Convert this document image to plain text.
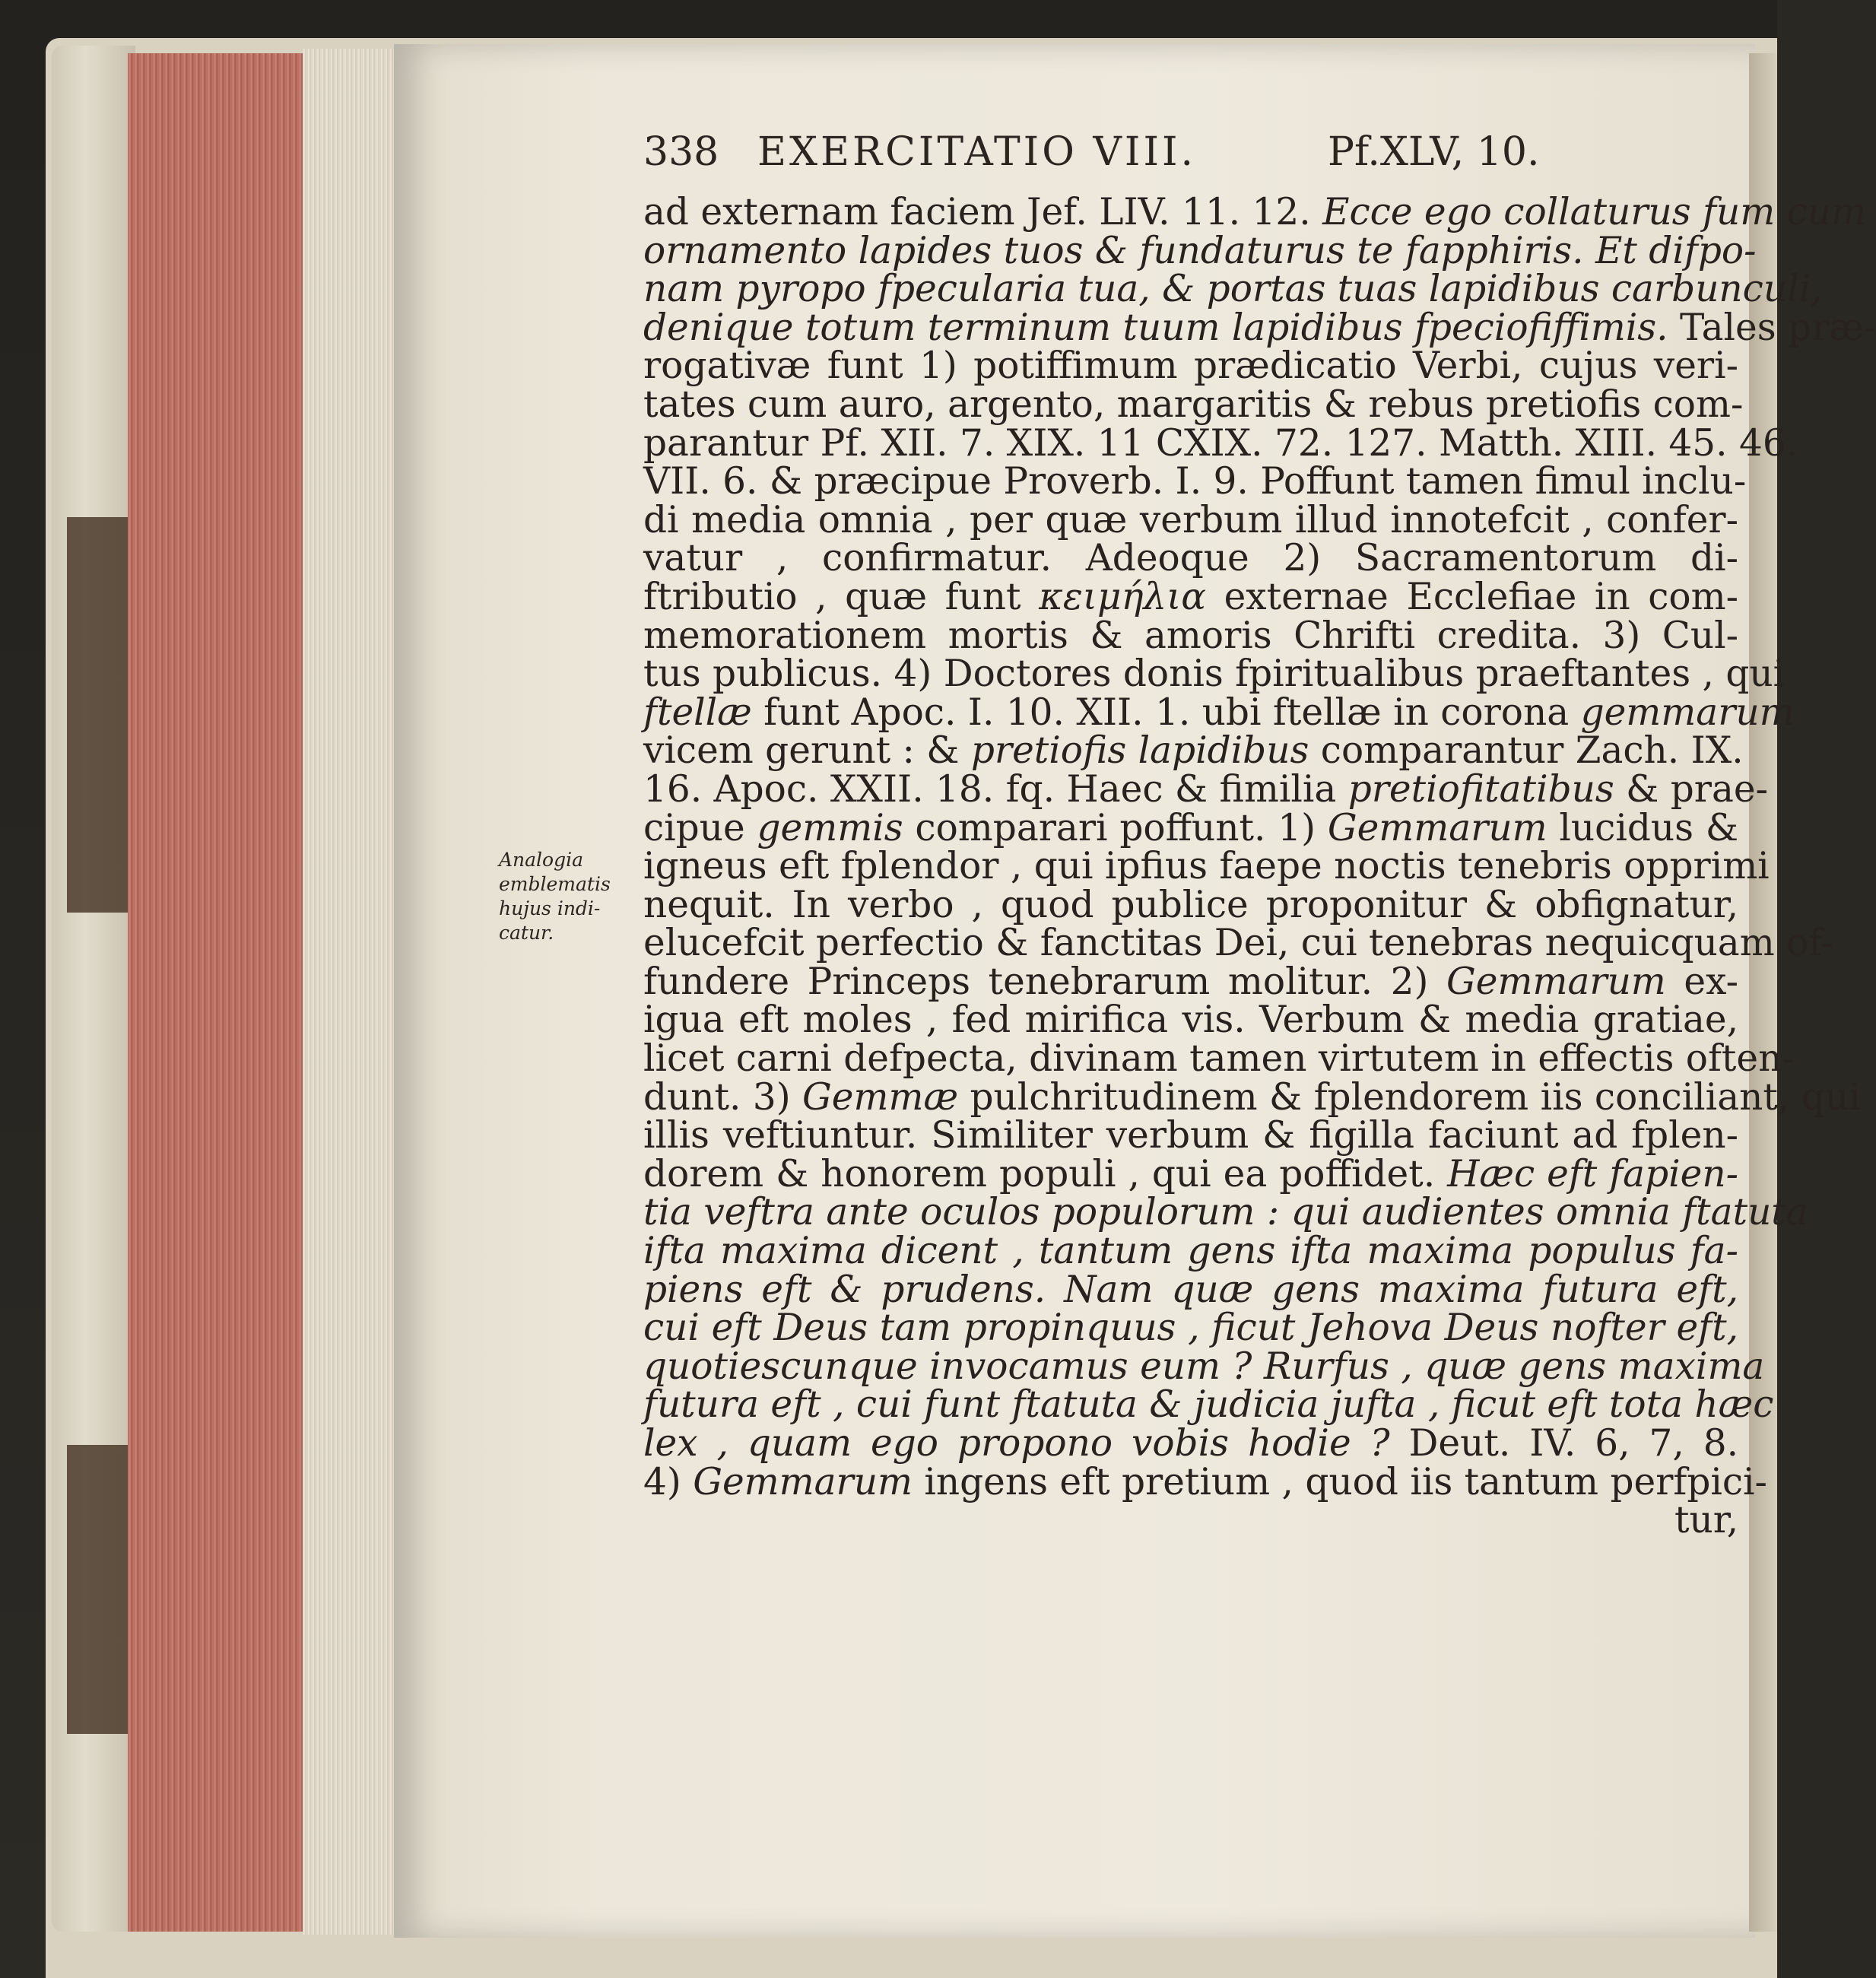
338 EXERCITATIO VIII.	Pf.XLV, 10.
Analogia
emblematis
hujus indi-
catur.
ad externam faciem Jef. LIV. 11. 12. Ecce ego collaturus fum cum
ornamento lapides tuos & fundaturus te fapphiris. Et difpo-
nam pyropo fpecularia tua, & portas tuas lapidibus carbunculi,
denique totum terminum tuum lapidibus fpeciofiffimis. Tales præ-
rogativæ funt 1) potiffimum prædicatio Verbi, cujus veri-
tates cum auro, argento, margaritis & rebus pretiofis com-
parantur Pf. XII. 7. XIX. 11 CXIX. 72. 127. Matth. XIII. 45. 46.
VII. 6. & præcipue Proverb. I. 9. Poffunt tamen fimul inclu-
di media omnia , per quæ verbum illud innotefcit , confer-
vatur , confirmatur. Adeoque 2) Sacramentorum di-
ftributio , quæ funt κειμήλια externae Ecclefiae in com-
memorationem mortis & amoris Chrifti credita. 3) Cul-
tus publicus. 4) Doctores donis fpiritualibus praeftantes , qui
ftellæ funt Apoc. I. 10. XII. 1. ubi ftellæ in corona gemmarum
vicem gerunt : & pretiofis lapidibus comparantur Zach. IX.
16. Apoc. XXII. 18. fq. Haec & fimilia pretiofitatibus & prae-
cipue gemmis comparari poffunt. 1) Gemmarum lucidus &
igneus eft fplendor , qui ipfius faepe noctis tenebris opprimi
nequit. In verbo , quod publice proponitur & obfignatur,
elucefcit perfectio & fanctitas Dei, cui tenebras nequicquam of-
fundere Princeps tenebrarum molitur. 2) Gemmarum ex-
igua eft moles , fed mirifica vis. Verbum & media gratiae,
licet carni defpecta, divinam tamen virtutem in effectis often-
dunt. 3) Gemmæ pulchritudinem & fplendorem iis conciliant, qui
illis veftiuntur. Similiter verbum & figilla faciunt ad fplen-
dorem & honorem populi , qui ea poffidet. Hæc eft fapien-
tia veftra ante oculos populorum : qui audientes omnia ftatuta
ifta maxima dicent , tantum gens ifta maxima populus fa-
piens eft & prudens. Nam quæ gens maxima futura eft,
cui eft Deus tam propinquus , ficut Jehova Deus nofter eft,
quotiescunque invocamus eum ? Rurfus , quæ gens maxima
futura eft , cui funt ftatuta & judicia jufta , ficut eft tota hæc
lex , quam ego propono vobis hodie ? Deut. IV. 6, 7, 8.
4) Gemmarum ingens eft pretium , quod iis tantum perfpici-
tur,
